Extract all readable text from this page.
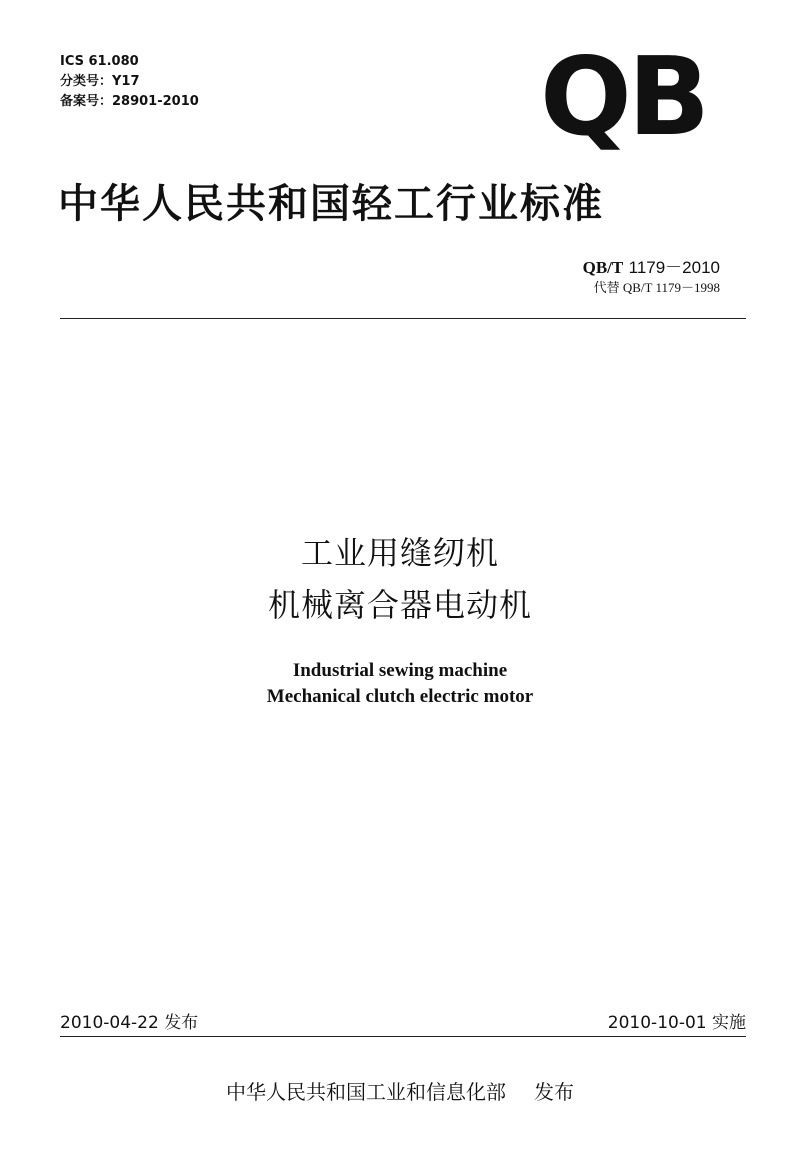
ICS 61.080
分类号：Y17
备案号：28901-2010	QB
中华人民共和国轻工行业标准
QB/T 1179－2010
代替 QB/T 1179－1998
工业用缝纫机
机械离合器电动机
Industrial sewing machine
Mechanical clutch electric motor
2010-04-22 发布	2010-10-01 实施
中华人民共和国工业和信息化部 发布
